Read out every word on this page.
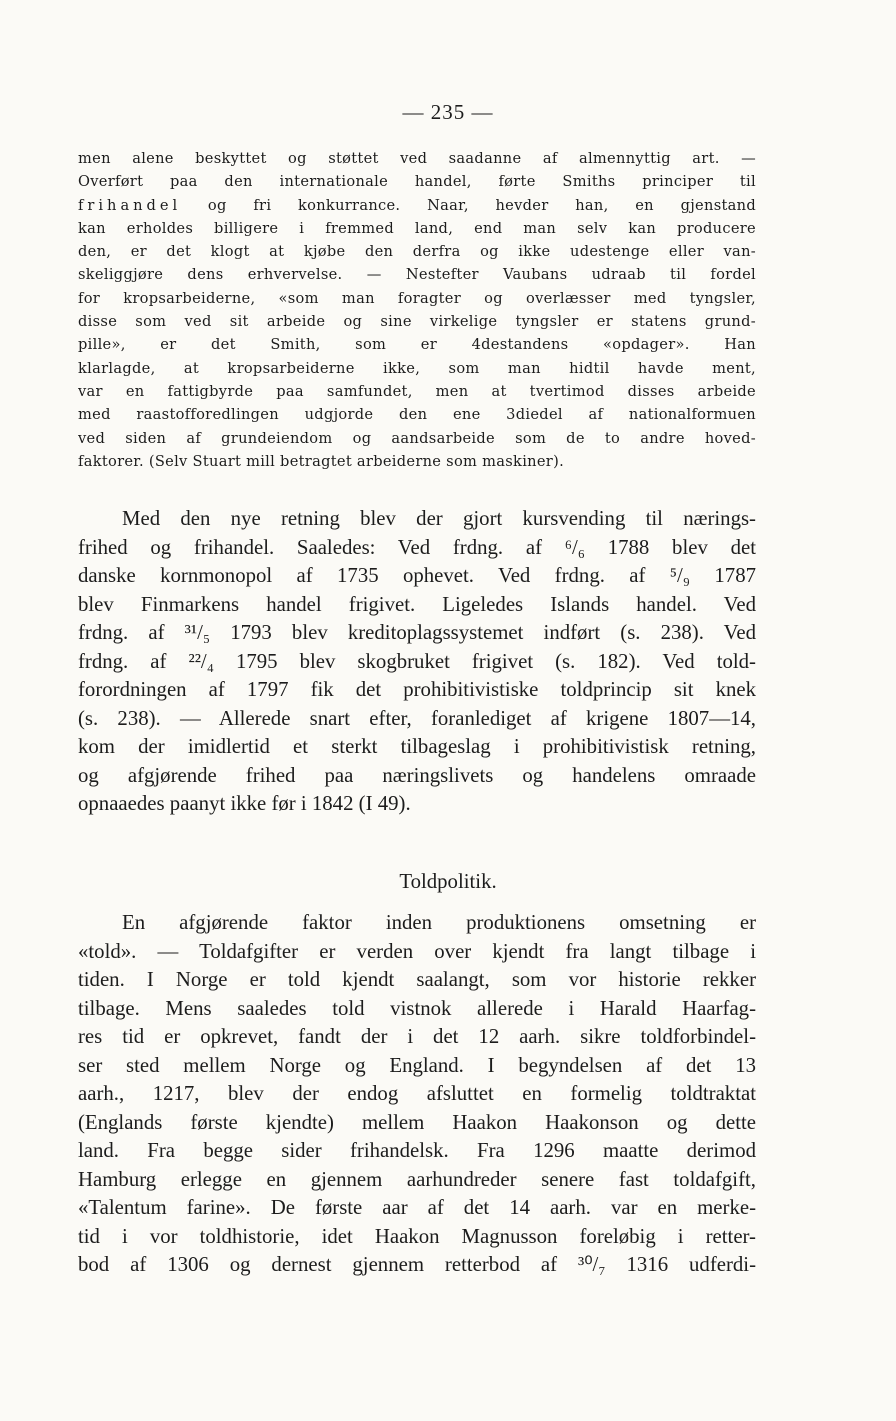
— 235 —
men alene beskyttet og støttet ved saadanne af almennyttig art. —
Overført paa den internationale handel, førte Smiths principer til
frihandel og fri konkurrance. Naar, hevder han, en gjenstand
kan erholdes billigere i fremmed land, end man selv kan producere
den, er det klogt at kjøbe den derfra og ikke udestenge eller van-
skeliggjøre dens erhvervelse. — Nestefter Vaubans udraab til fordel
for kropsarbeiderne, «som man foragter og overlæsser med tyngsler,
disse som ved sit arbeide og sine virkelige tyngsler er statens grund-
pille», er det Smith, som er 4destandens «opdager». Han
klarlagde, at kropsarbeiderne ikke, som man hidtil havde ment,
var en fattigbyrde paa samfundet, men at tvertimod disses arbeide
med raastofforedlingen udgjorde den ene 3diedel af nationalformuen
ved siden af grundeiendom og aandsarbeide som de to andre hoved-
faktorer. (Selv Stuart mill betragtet arbeiderne som maskiner).
Med den nye retning blev der gjort kursvending til nærings-
frihed og frihandel. Saaledes: Ved frdng. af ⁶/₆ 1788 blev det
danske kornmonopol af 1735 ophevet. Ved frdng. af ⁵/₉ 1787
blev Finmarkens handel frigivet. Ligeledes Islands handel. Ved
frdng. af ³¹/₅ 1793 blev kreditoplagssystemet indført (s. 238). Ved
frdng. af ²²/₄ 1795 blev skogbruket frigivet (s. 182). Ved told-
forordningen af 1797 fik det prohibitivistiske toldprincip sit knek
(s. 238). — Allerede snart efter, foranlediget af krigene 1807—14,
kom der imidlertid et sterkt tilbageslag i prohibitivistisk retning,
og afgjørende frihed paa næringslivets og handelens omraade
opnaaedes paanyt ikke før i 1842 (I 49).
Toldpolitik.
En afgjørende faktor inden produktionens omsetning er
«told». — Toldafgifter er verden over kjendt fra langt tilbage i
tiden. I Norge er told kjendt saalangt, som vor historie rekker
tilbage. Mens saaledes told vistnok allerede i Harald Haarfag-
res tid er opkrevet, fandt der i det 12 aarh. sikre toldforbindel-
ser sted mellem Norge og England. I begyndelsen af det 13
aarh., 1217, blev der endog afsluttet en formelig toldtraktat
(Englands første kjendte) mellem Haakon Haakonson og dette
land. Fra begge sider frihandelsk. Fra 1296 maatte derimod
Hamburg erlegge en gjennem aarhundreder senere fast toldafgift,
«Talentum farine». De første aar af det 14 aarh. var en merke-
tid i vor toldhistorie, idet Haakon Magnusson foreløbig i retter-
bod af 1306 og dernest gjennem retterbod af ³⁰/₇ 1316 udferdi-
